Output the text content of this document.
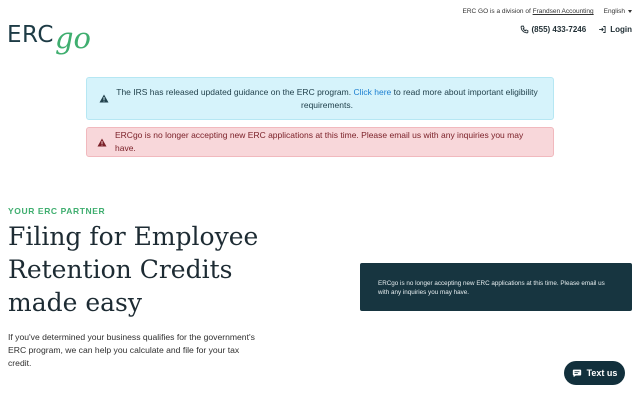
ERC go
ERC GO is a division of Frandsen Accounting English
(855) 433-7246	Login
The IRS has released updated guidance on the ERC program. Click here to read more about important eligibility requirements.
ERCgo is no longer accepting new ERC applications at this time. Please email us with any inquiries you may have.
YOUR ERC PARTNER
Filing for Employee Retention Credits made easy
If you've determined your business qualifies for the government's ERC program, we can help you calculate and file for your tax credit.
ERCgo is no longer accepting new ERC applications at this time. Please email us with any inquiries you may have.
Text us
